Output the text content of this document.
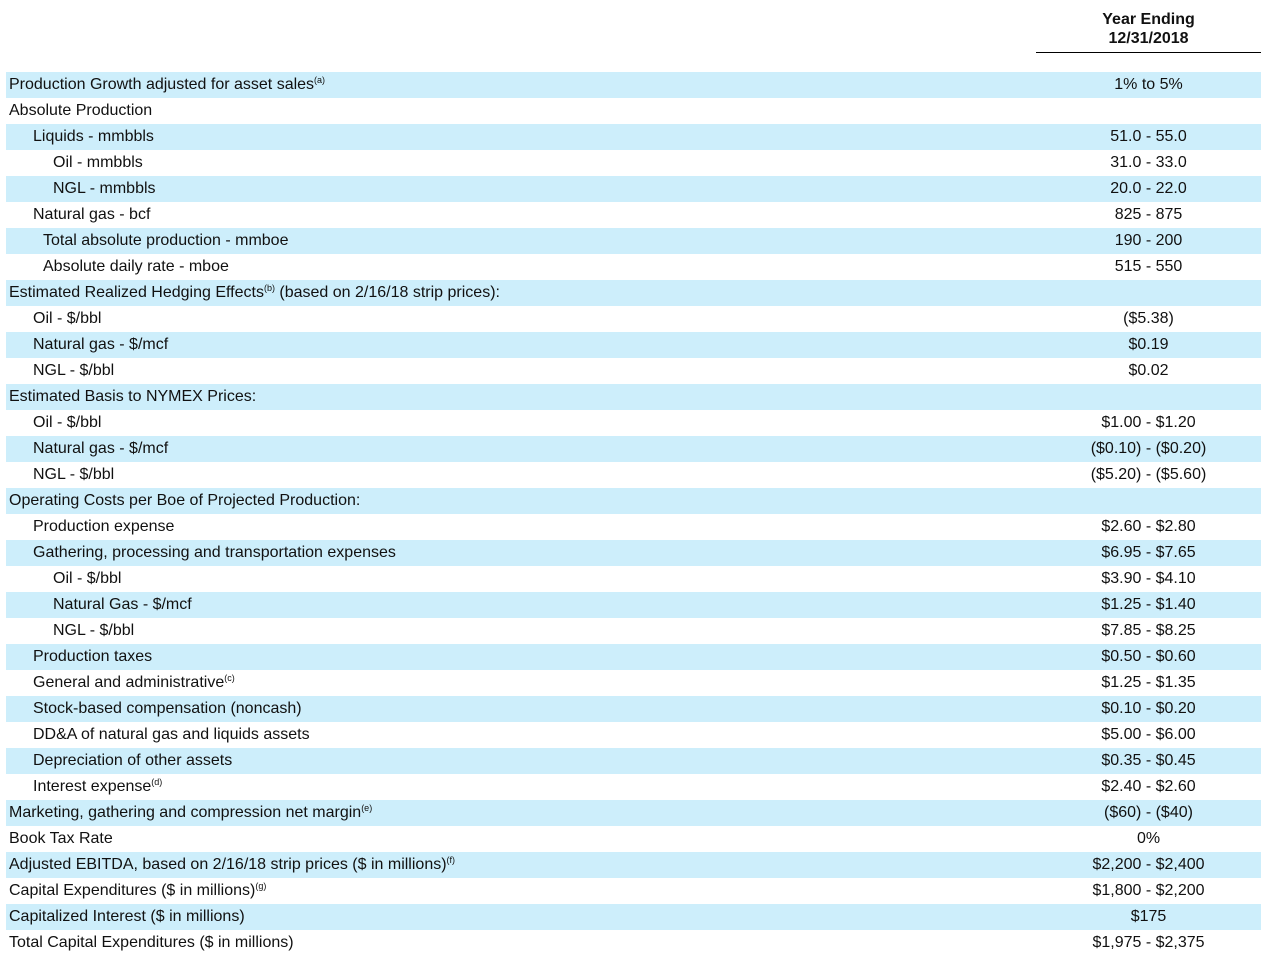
Year Ending
12/31/2018
Production Growth adjusted for asset sales$^{(a)}$	1% to 5%
Absolute Production
Liquids - mmbbls	51.0 - 55.0
Oil - mmbbls	31.0 - 33.0
NGL - mmbbls	20.0 - 22.0
Natural gas - bcf	825 - 875
Total absolute production - mmboe	190 - 200
Absolute daily rate - mboe	515 - 550
Estimated Realized Hedging Effects$^{(b)}$ (based on 2/16/18 strip prices):
Oil - $/bbl	($5.38)
Natural gas - $/mcf	$0.19
NGL - $/bbl	$0.02
Estimated Basis to NYMEX Prices:
Oil - $/bbl	$1.00 - $1.20
Natural gas - $/mcf	($0.10) - ($0.20)
NGL - $/bbl	($5.20) - ($5.60)
Operating Costs per Boe of Projected Production:
Production expense	$2.60 - $2.80
Gathering, processing and transportation expenses	$6.95 - $7.65
Oil - $/bbl	$3.90 - $4.10
Natural Gas - $/mcf	$1.25 - $1.40
NGL - $/bbl	$7.85 - $8.25
Production taxes	$0.50 - $0.60
General and administrative$^{(c)}$	$1.25 - $1.35
Stock-based compensation (noncash)	$0.10 - $0.20
DD&A of natural gas and liquids assets	$5.00 - $6.00
Depreciation of other assets	$0.35 - $0.45
Interest expense$^{(d)}$	$2.40 - $2.60
Marketing, gathering and compression net margin$^{(e)}$	($60) - ($40)
Book Tax Rate	0%
Adjusted EBITDA, based on 2/16/18 strip prices ($ in millions)$^{(f)}$	$2,200 - $2,400
Capital Expenditures ($ in millions)$^{(g)}$	$1,800 - $2,200
Capitalized Interest ($ in millions)	$175
Total Capital Expenditures ($ in millions)	$1,975 - $2,375
